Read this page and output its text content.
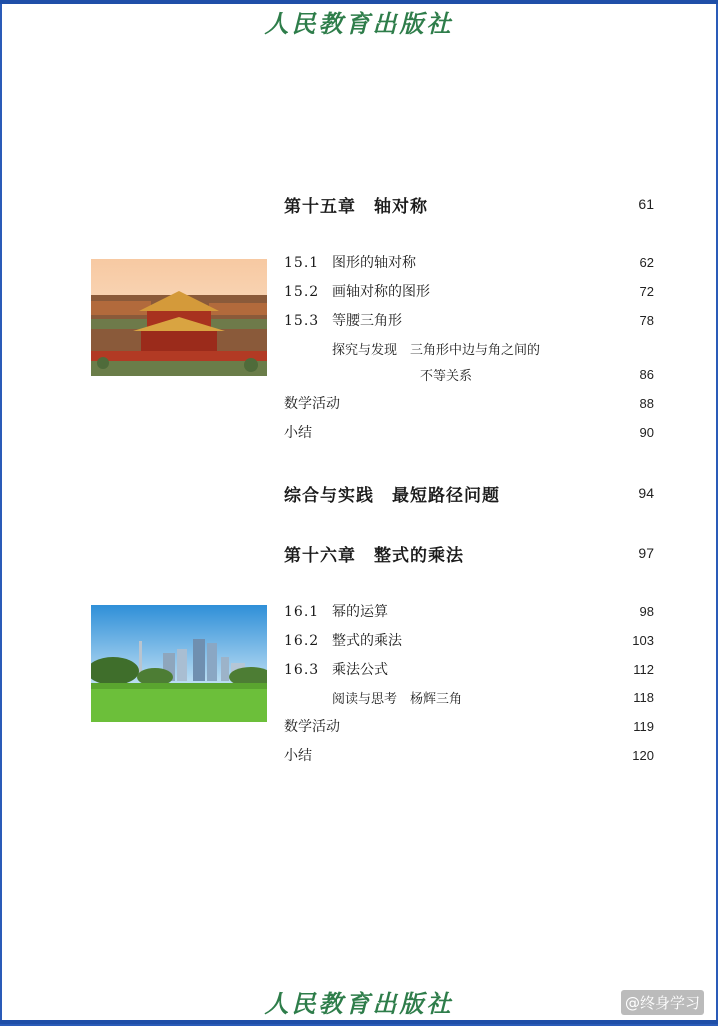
人民教育出版社
第十五章　轴对称	61
15.1 图形的轴对称	62
15.2 画轴对称的图形	72
15.3 等腰三角形	78
探究与发现　三角形中边与角之间的
不等关系	86
数学活动	88
小结	90
综合与实践　最短路径问题	94
第十六章　整式的乘法	97
16.1 幂的运算	98
16.2 整式的乘法	103
16.3 乘法公式	112
阅读与思考　杨辉三角	118
数学活动	119
小结	120
人民教育出版社	@终身学习
